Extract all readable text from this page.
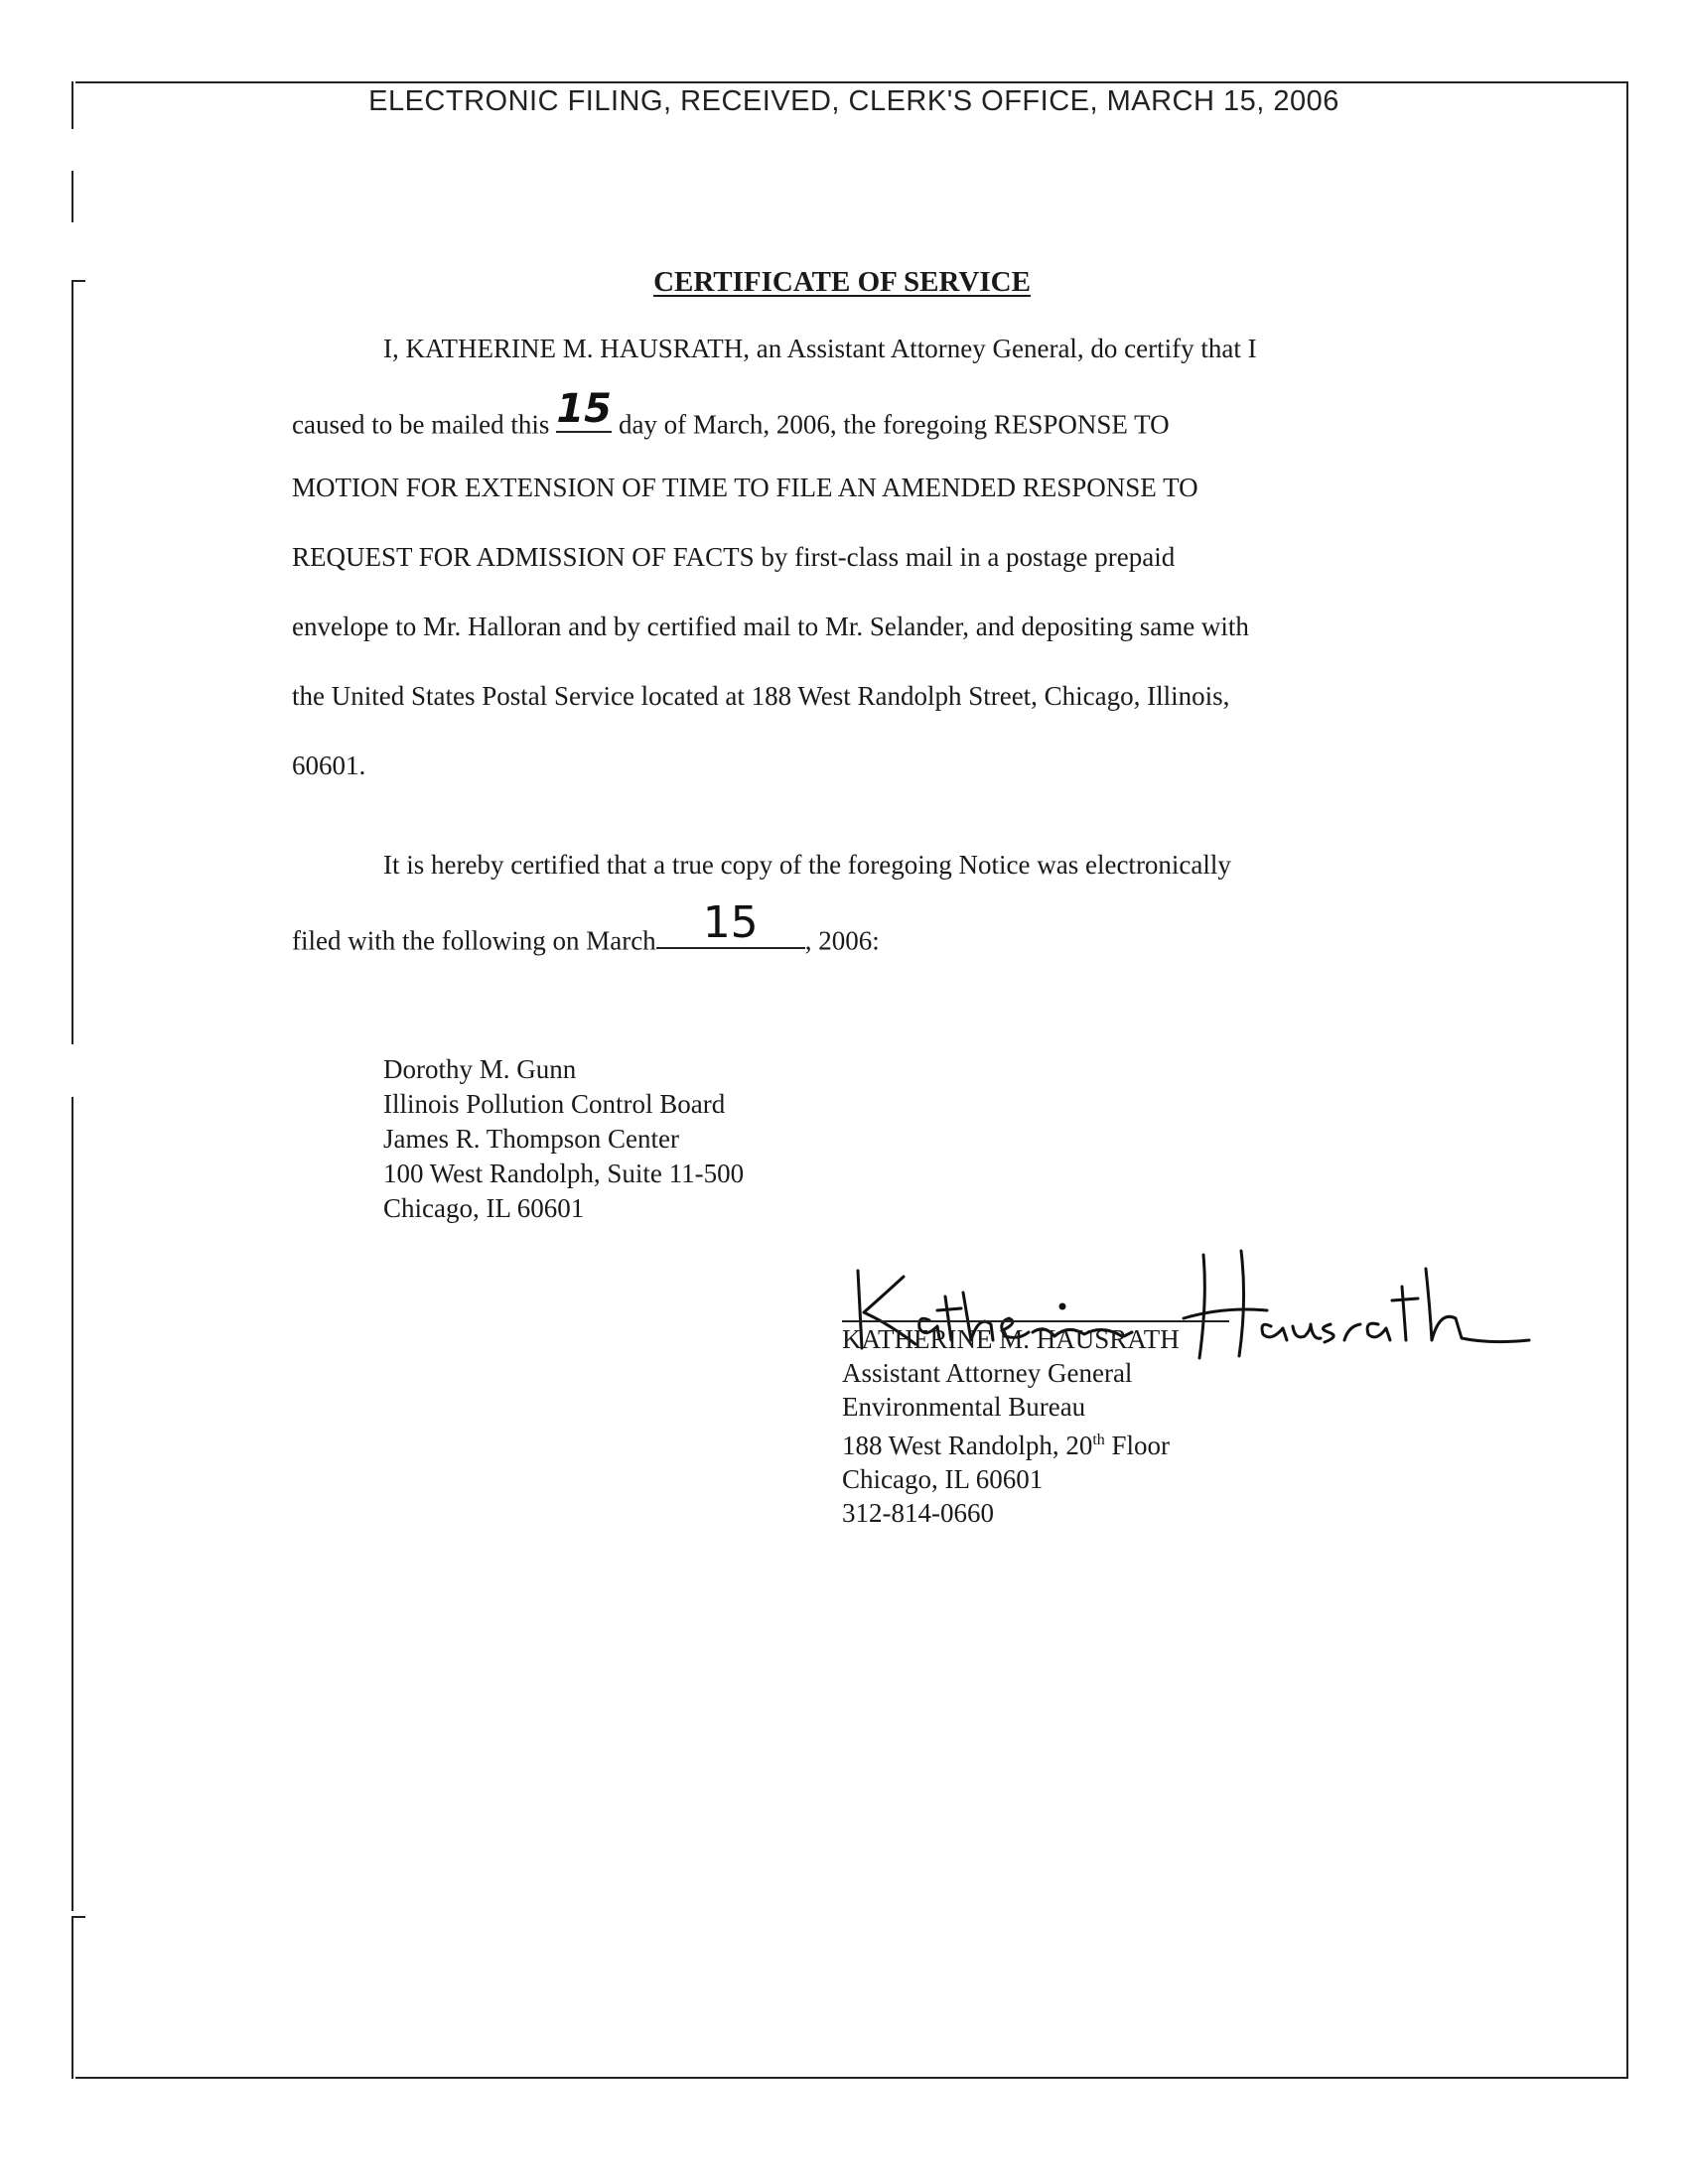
ELECTRONIC FILING, RECEIVED, CLERK'S OFFICE, MARCH 15, 2006
CERTIFICATE OF SERVICE
I, KATHERINE M. HAUSRATH, an Assistant Attorney General, do certify that I
caused to be mailed this 15 day of March, 2006, the foregoing RESPONSE TO
MOTION FOR EXTENSION OF TIME TO FILE AN AMENDED RESPONSE TO
REQUEST FOR ADMISSION OF FACTS by first-class mail in a postage prepaid
envelope to Mr. Halloran and by certified mail to Mr. Selander, and depositing same with
the United States Postal Service located at 188 West Randolph Street, Chicago, Illinois,
60601.
It is hereby certified that a true copy of the foregoing Notice was electronically
filed with the following on March	15	, 2006:
Dorothy M. Gunn
Illinois Pollution Control Board
James R. Thompson Center
100 West Randolph, Suite 11-500
Chicago, IL 60601
KATHERINE M. HAUSRATH
Assistant Attorney General
Environmental Bureau
188 West Randolph, 20th Floor
Chicago, IL 60601
312-814-0660
